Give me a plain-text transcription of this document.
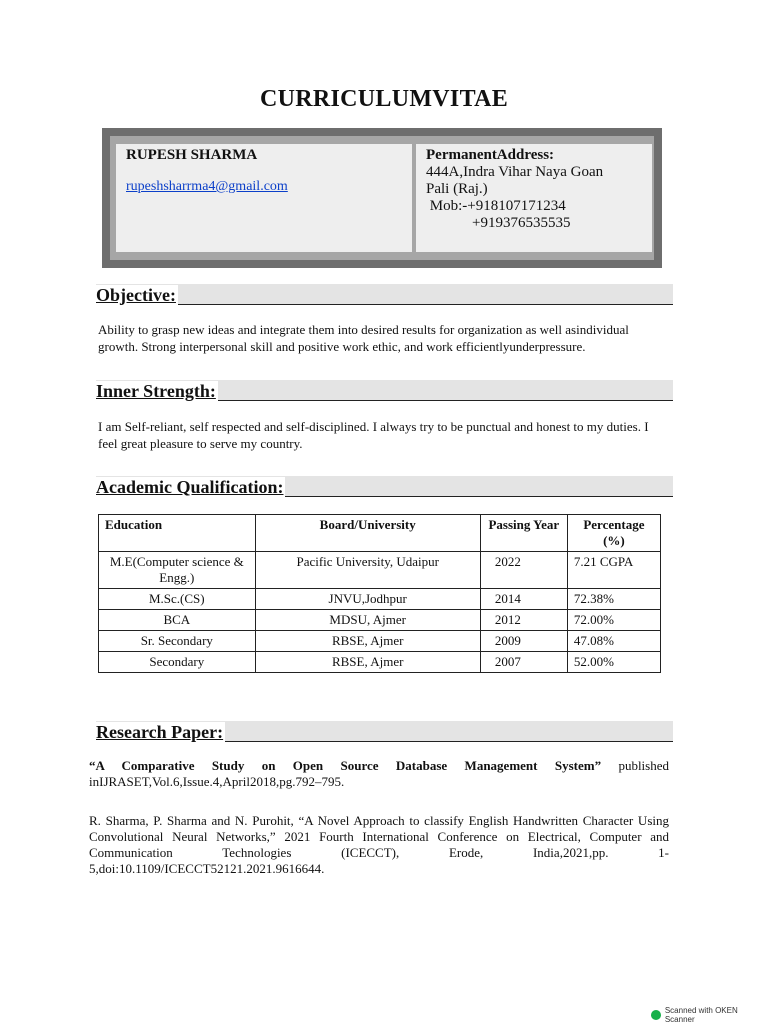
CURRICULUMVITAE
RUPESH SHARMA
rupeshsharrma4@gmail.com
PermanentAddress:
444A,Indra Vihar Naya Goan
Pali (Raj.)
Mob:-+918107171234
+919376535535
Objective:
Ability to grasp new ideas and integrate them into desired results for organization as well asindividual growth. Strong interpersonal skill and positive work ethic, and work efficientlyunderpressure.
Inner Strength:
I am Self-reliant, self respected and self-disciplined. I always try to be punctual and honest to my duties. I feel great pleasure to serve my country.
Academic Qualification:
Education	Board/University	Passing Year	Percentage (%)
M.E(Computer science & Engg.)	Pacific University, Udaipur	2022	7.21 CGPA
M.Sc.(CS)	JNVU,Jodhpur	2014	72.38%
BCA	MDSU, Ajmer	2012	72.00%
Sr. Secondary	RBSE, Ajmer	2009	47.08%
Secondary	RBSE, Ajmer	2007	52.00%
Research Paper:
“A Comparative Study on Open Source Database Management System” published inIJRASET,Vol.6,Issue.4,April2018,pg.792–795.
R. Sharma, P. Sharma and N. Purohit, “A Novel Approach to classify English Handwritten Character Using Convolutional Neural Networks,” 2021 Fourth International Conference on Electrical, Computer and Communication Technologies (ICECCT), Erode, India,2021,pp. 1-5,doi:10.1109/ICECCT52121.2021.9616644.
Scanned with OKEN Scanner
